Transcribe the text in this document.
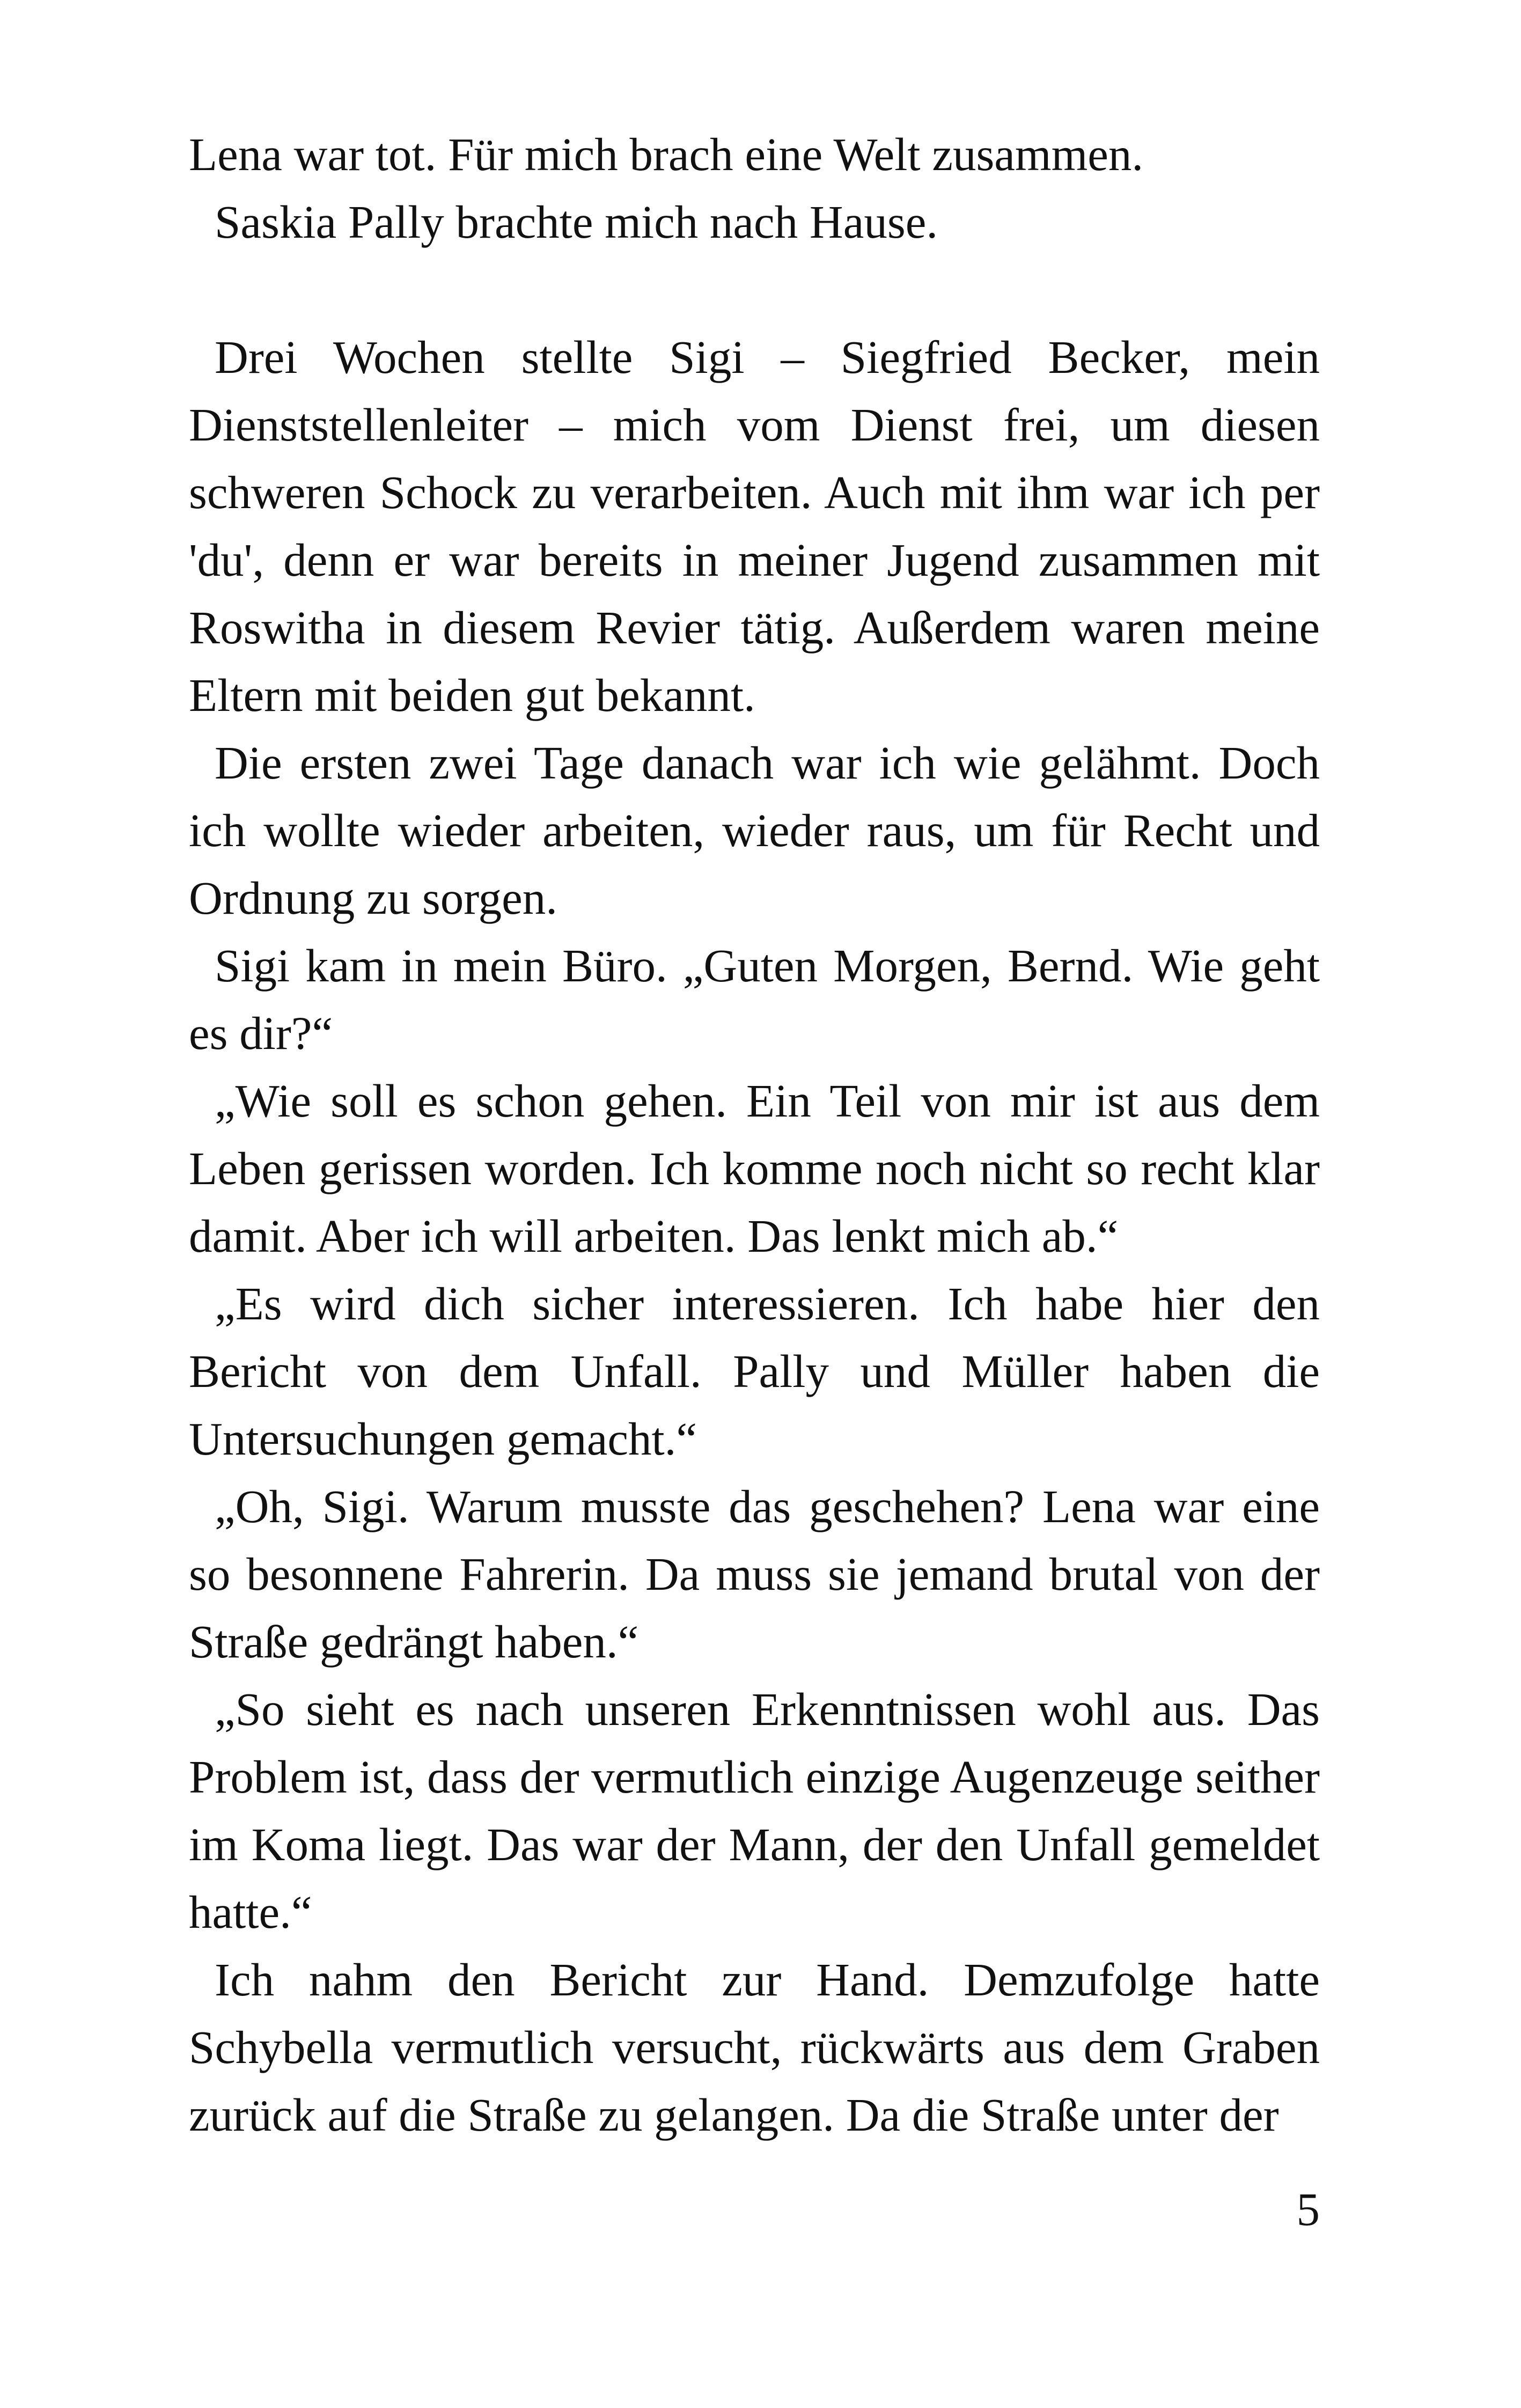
Lena war tot. Für mich brach eine Welt zusammen.

Saskia Pally brachte mich nach Hause.

Drei Wochen stellte Sigi – Siegfried Becker, mein Dienststellenleiter – mich vom Dienst frei, um diesen schweren Schock zu verarbeiten. Auch mit ihm war ich per 'du', denn er war bereits in meiner Jugend zusammen mit Roswitha in diesem Revier tätig. Außerdem waren meine Eltern mit beiden gut bekannt.

Die ersten zwei Tage danach war ich wie gelähmt. Doch ich wollte wieder arbeiten, wieder raus, um für Recht und Ordnung zu sorgen.

Sigi kam in mein Büro. „Guten Morgen, Bernd. Wie geht es dir?“

„Wie soll es schon gehen. Ein Teil von mir ist aus dem Leben gerissen worden. Ich komme noch nicht so recht klar damit. Aber ich will arbeiten. Das lenkt mich ab.“

„Es wird dich sicher interessieren. Ich habe hier den Bericht von dem Unfall. Pally und Müller haben die Untersuchungen gemacht.“

„Oh, Sigi. Warum musste das geschehen? Lena war eine so besonnene Fahrerin. Da muss sie jemand brutal von der Straße gedrängt haben.“

„So sieht es nach unseren Erkenntnissen wohl aus. Das Problem ist, dass der vermutlich einzige Augenzeuge seither im Koma liegt. Das war der Mann, der den Unfall gemeldet hatte.“

Ich nahm den Bericht zur Hand. Demzufolge hatte Schybella vermutlich versucht, rückwärts aus dem Graben zurück auf die Straße zu gelangen. Da die Straße unter der

5
